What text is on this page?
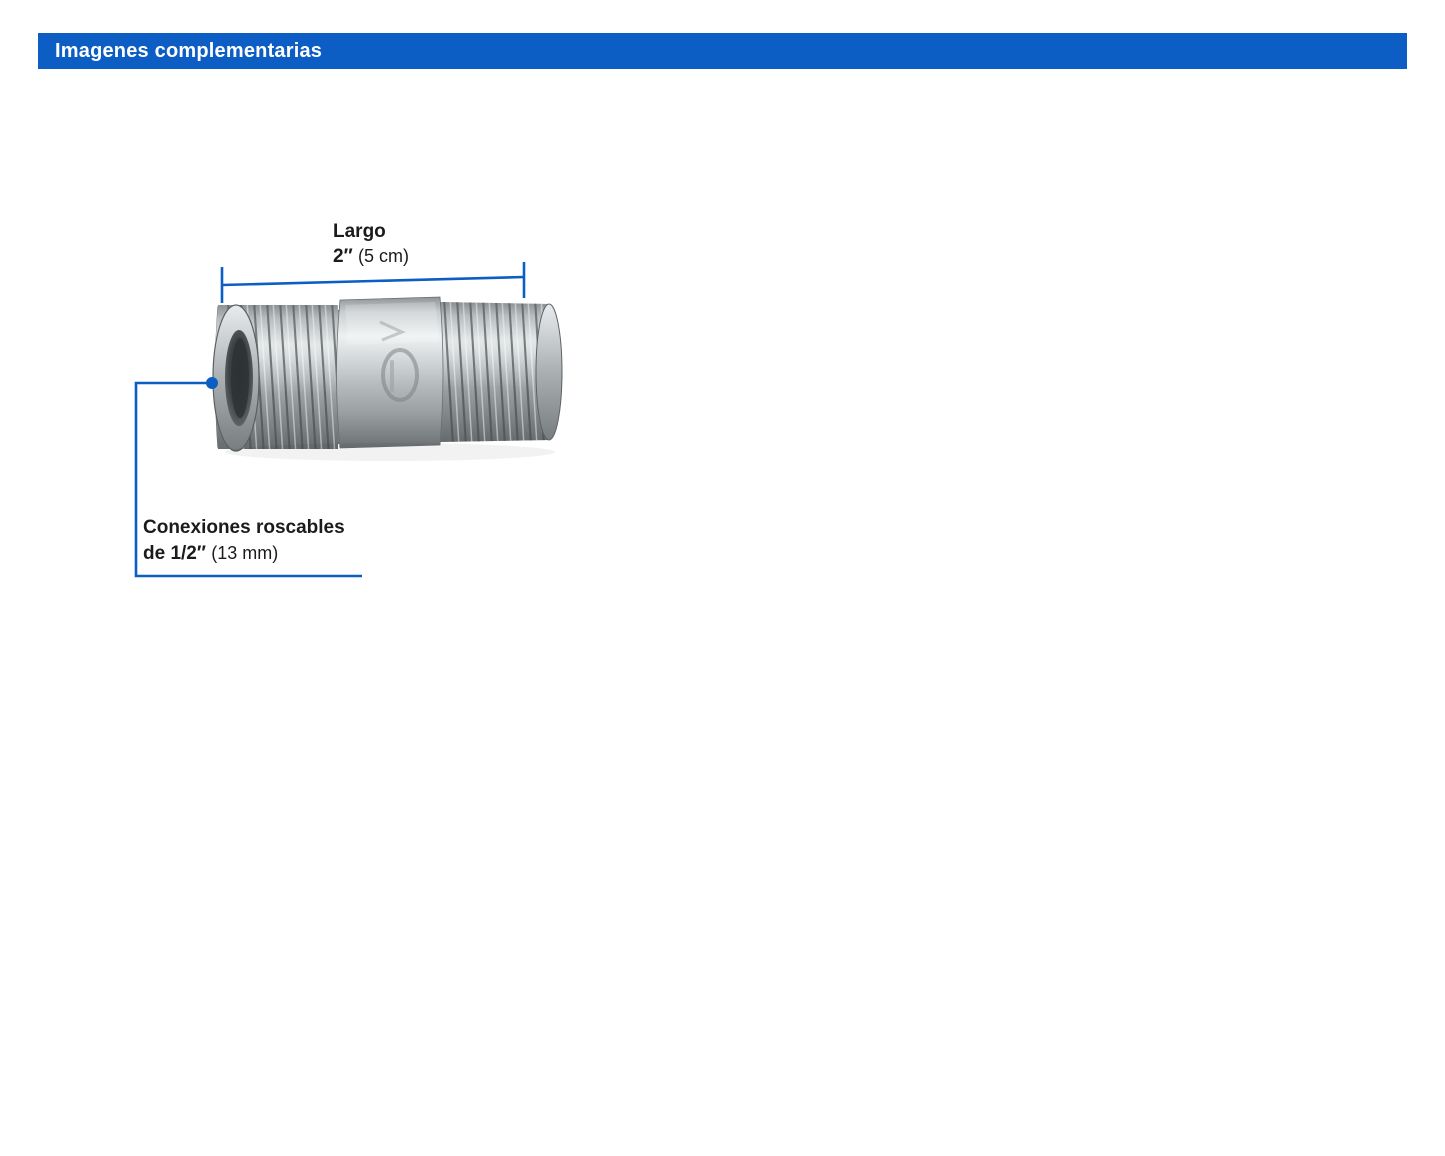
Imagenes complementarias
Largo
2″ (5 cm)
Conexiones roscables
de 1/2″ (13 mm)
